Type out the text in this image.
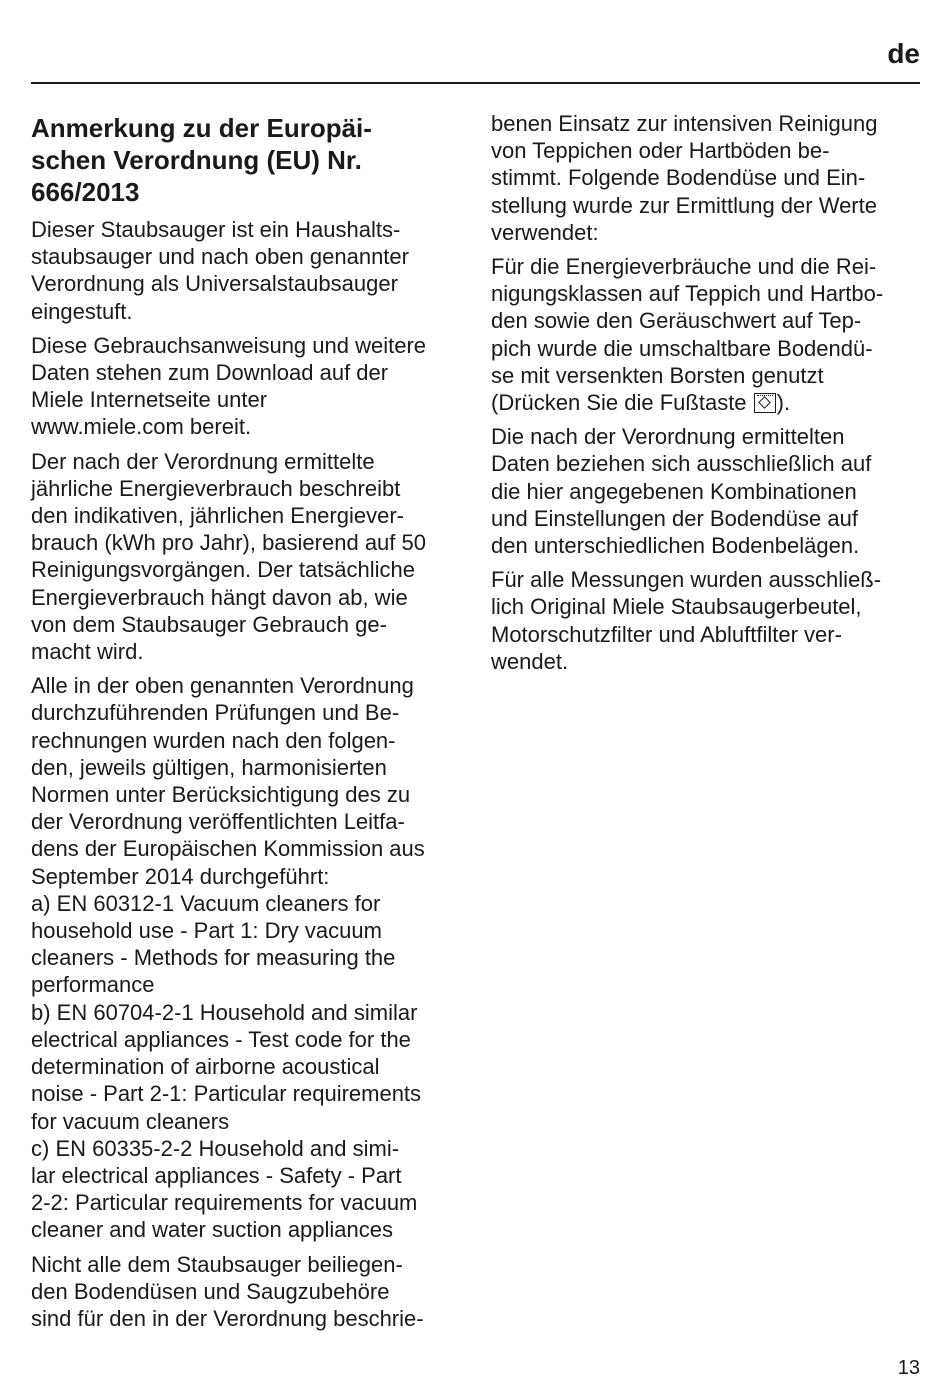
de
Anmerkung zu der Europäi-
schen Verordnung (EU) Nr.
666/2013
Dieser Staubsauger ist ein Haushalts-
staubsauger und nach oben genannter
Verordnung als Universalstaubsauger
eingestuft.
Diese Gebrauchsanweisung und weitere
Daten stehen zum Download auf der
Miele Internetseite unter
www.miele.com bereit.
Der nach der Verordnung ermittelte
jährliche Energieverbrauch beschreibt
den indikativen, jährlichen Energiever-
brauch (kWh pro Jahr), basierend auf 50
Reinigungsvorgängen. Der tatsächliche
Energieverbrauch hängt davon ab, wie
von dem Staubsauger Gebrauch ge-
macht wird.
Alle in der oben genannten Verordnung
durchzuführenden Prüfungen und Be-
rechnungen wurden nach den folgen-
den, jeweils gültigen, harmonisierten
Normen unter Berücksichtigung des zu
der Verordnung veröffentlichten Leitfa-
dens der Europäischen Kommission aus
September 2014 durchgeführt:
a) EN 60312-1 Vacuum cleaners for
household use - Part 1: Dry vacuum
cleaners - Methods for measuring the
performance
b) EN 60704-2-1 Household and similar
electrical appliances - Test code for the
determination of airborne acoustical
noise - Part 2-1: Particular requirements
for vacuum cleaners
c) EN 60335-2-2 Household and simi-
lar electrical appliances - Safety - Part
2-2: Particular requirements for vacuum
cleaner and water suction appliances
Nicht alle dem Staubsauger beiliegen-
den Bodendüsen und Saugzubehöre
sind für den in der Verordnung beschrie-
benen Einsatz zur intensiven Reinigung
von Teppichen oder Hartböden be-
stimmt. Folgende Bodendüse und Ein-
stellung wurde zur Ermittlung der Werte
verwendet:
Für die Energieverbräuche und die Rei-
nigungsklassen auf Teppich und Hartbo-
den sowie den Geräuschwert auf Tep-
pich wurde die umschaltbare Bodendü-
se mit versenkten Borsten genutzt
(Drücken Sie die Fußtaste ).
Die nach der Verordnung ermittelten
Daten beziehen sich ausschließlich auf
die hier angegebenen Kombinationen
und Einstellungen der Bodendüse auf
den unterschiedlichen Bodenbelägen.
Für alle Messungen wurden ausschließ-
lich Original Miele Staubsaugerbeutel,
Motorschutzfilter und Abluftfilter ver-
wendet.
13
